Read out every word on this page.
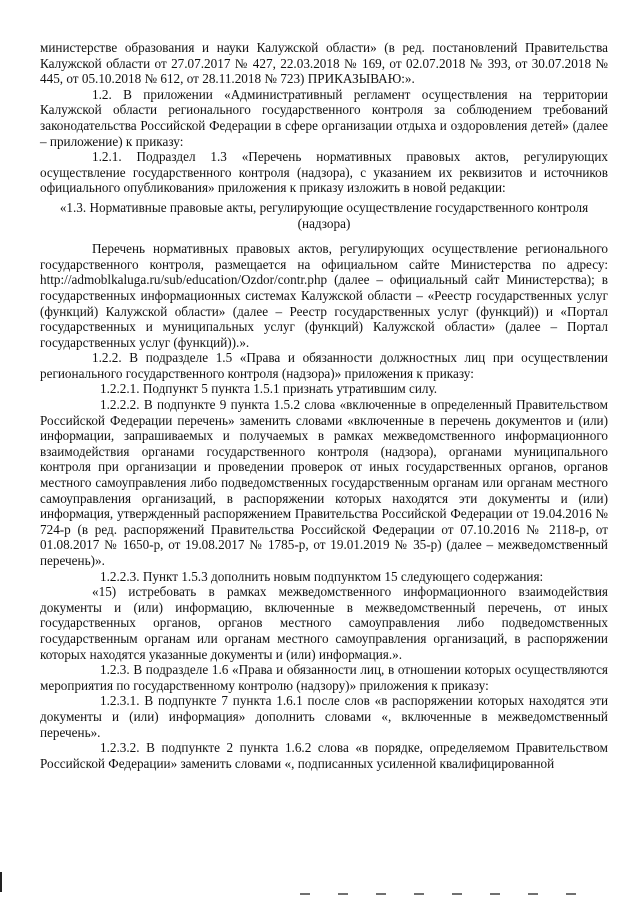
министерстве образования и науки Калужской области» (в ред. постановлений Правительства Калужской области от 27.07.2017 № 427, 22.03.2018 № 169, от 02.07.2018 № 393, от 30.07.2018 № 445, от 05.10.2018 № 612, от 28.11.2018 № 723) ПРИКАЗЫВАЮ:».

1.2. В приложении «Административный регламент осуществления на территории Калужской области регионального государственного контроля за соблюдением требований законодательства Российской Федерации в сфере организации отдыха и оздоровления детей» (далее – приложение) к приказу:

1.2.1. Подраздел 1.3 «Перечень нормативных правовых актов, регулирующих осуществление государственного контроля (надзора), с указанием их реквизитов и источников официального опубликования» приложения к приказу изложить в новой редакции:

«1.3. Нормативные правовые акты, регулирующие осуществление государственного контроля (надзора)

Перечень нормативных правовых актов, регулирующих осуществление регионального государственного контроля, размещается на официальном сайте Министерства по адресу: http://admoblkaluga.ru/sub/education/Ozdor/contr.php (далее – официальный сайт Министерства); в государственных информационных системах Калужской области – «Реестр государственных услуг (функций) Калужской области» (далее – Реестр государственных услуг (функций)) и «Портал государственных и муниципальных услуг (функций) Калужской области» (далее – Портал государственных услуг (функций)).».

1.2.2. В подразделе 1.5 «Права и обязанности должностных лиц при осуществлении регионального государственного контроля (надзора)» приложения к приказу:

1.2.2.1. Подпункт 5 пункта 1.5.1 признать утратившим силу.

1.2.2.2. В подпункте 9 пункта 1.5.2 слова «включенные в определенный Правительством Российской Федерации перечень» заменить словами «включенные в перечень документов и (или) информации, запрашиваемых и получаемых в рамках межведомственного информационного взаимодействия органами государственного контроля (надзора), органами муниципального контроля при организации и проведении проверок от иных государственных органов, органов местного самоуправления либо подведомственных государственным органам или органам местного самоуправления организаций, в распоряжении которых находятся эти документы и (или) информация, утвержденный распоряжением Правительства Российской Федерации от 19.04.2016 № 724-р (в ред. распоряжений Правительства Российской Федерации от 07.10.2016 № 2118-р, от 01.08.2017 № 1650-р, от 19.08.2017 № 1785-р, от 19.01.2019 № 35-р) (далее – межведомственный перечень)».

1.2.2.3. Пункт 1.5.3 дополнить новым подпунктом 15 следующего содержания:

«15) истребовать в рамках межведомственного информационного взаимодействия документы и (или) информацию, включенные в межведомственный перечень, от иных государственных органов, органов местного самоуправления либо подведомственных государственным органам или органам местного самоуправления организаций, в распоряжении которых находятся указанные документы и (или) информация.».

1.2.3. В подразделе 1.6 «Права и обязанности лиц, в отношении которых осуществляются мероприятия по государственному контролю (надзору)» приложения к приказу:

1.2.3.1. В подпункте 7 пункта 1.6.1 после слов «в распоряжении которых находятся эти документы и (или) информация» дополнить словами «, включенные в межведомственный перечень».

1.2.3.2. В подпункте 2 пункта 1.6.2 слова «в порядке, определяемом Правительством Российской Федерации» заменить словами «, подписанных усиленной квалифицированной
